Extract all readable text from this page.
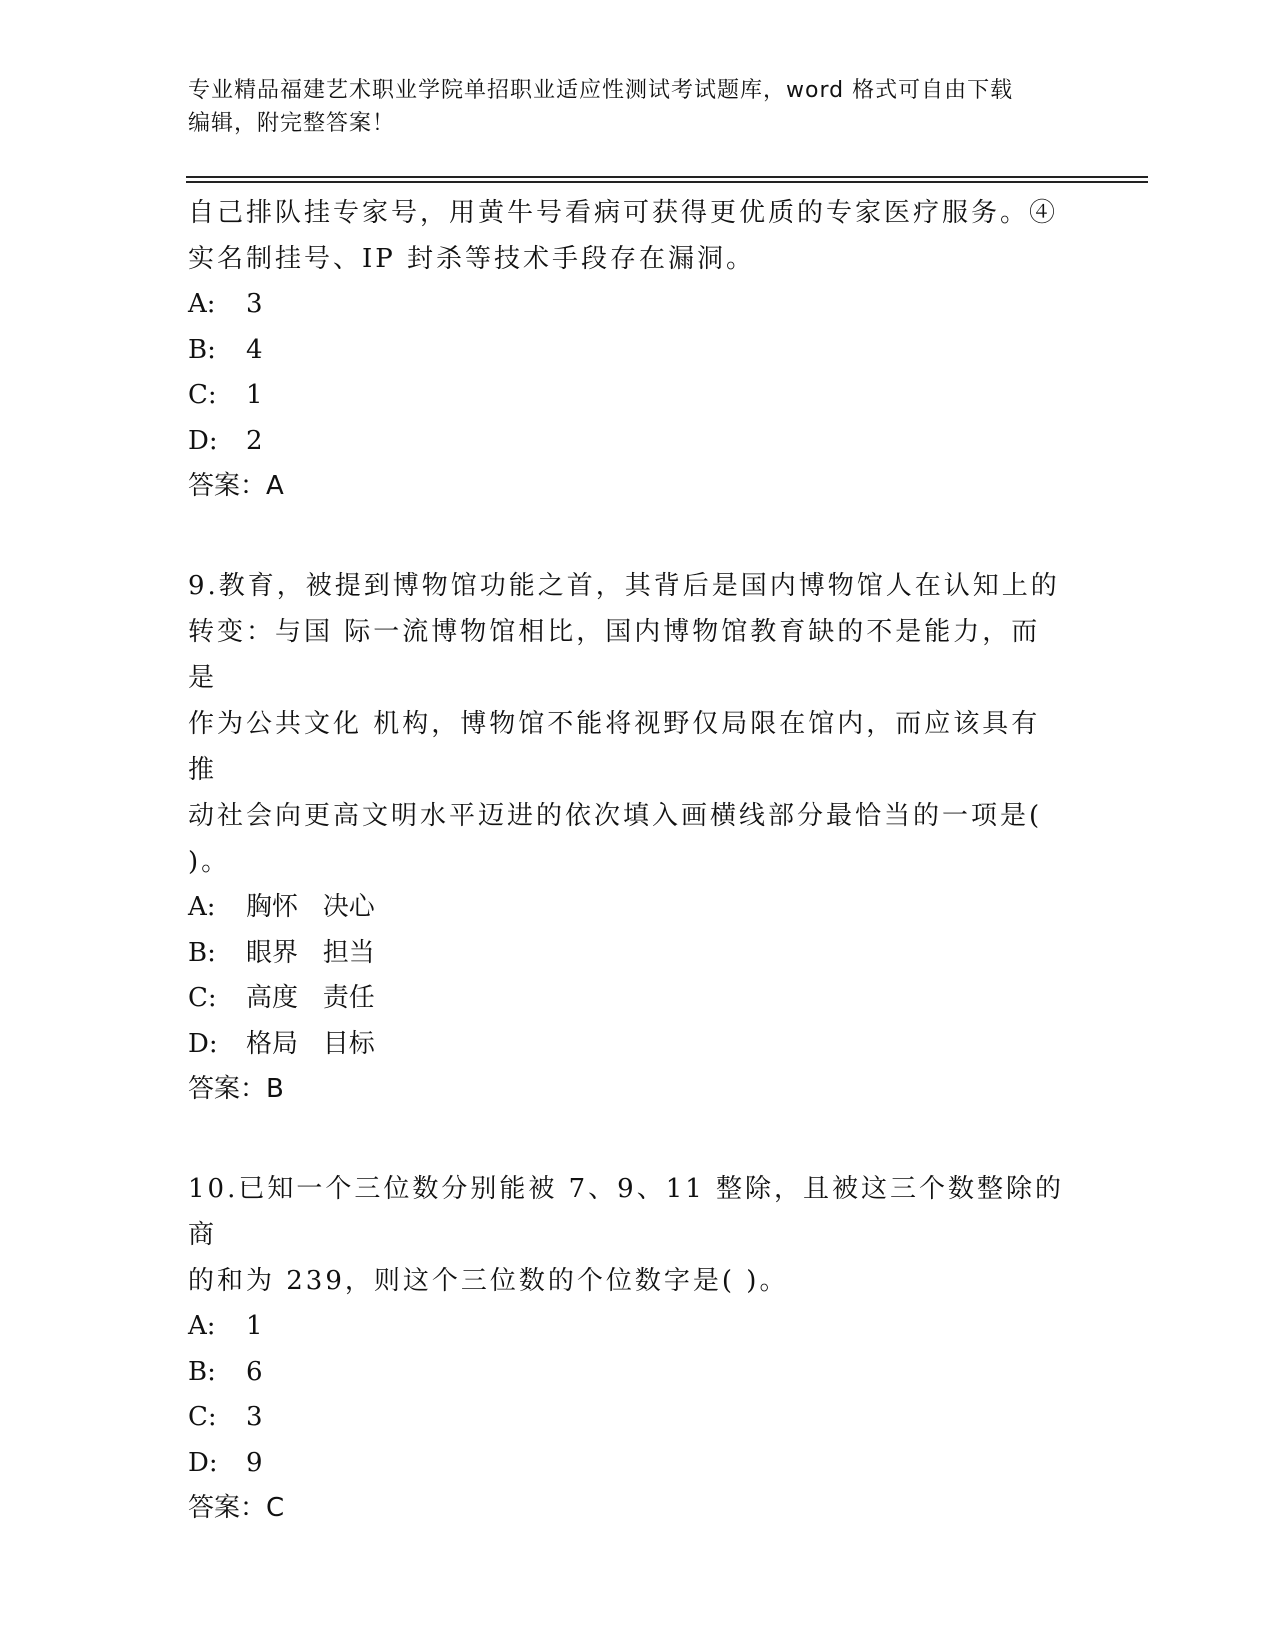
专业精品福建艺术职业学院单招职业适应性测试考试题库，word 格式可自由下载
编辑，附完整答案！
自己排队挂专家号，用黄牛号看病可获得更优质的专家医疗服务。④
实名制挂号、IP 封杀等技术手段存在漏洞。
A: 3
B: 4
C: 1
D: 2
答案：A
9.教育，被提到博物馆功能之首，其背后是国内博物馆人在认知上的
转变：与国 际一流博物馆相比，国内博物馆教育缺的不是能力，而是
作为公共文化 机构，博物馆不能将视野仅局限在馆内，而应该具有推
动社会向更高文明水平迈进的依次填入画横线部分最恰当的一项是(
)。
A: 胸怀   决心
B: 眼界   担当
C: 高度   责任
D: 格局   目标
答案：B
10.已知一个三位数分别能被 7、9、11 整除，且被这三个数整除的商
的和为 239，则这个三位数的个位数字是( )。
A: 1
B: 6
C: 3
D: 9
答案：C
